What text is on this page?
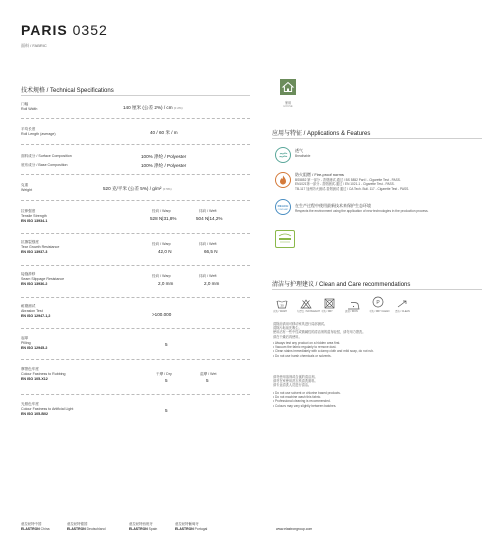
PARIS 0352
面料 / FABRIC
技术规格 / Technical Specifications
门幅
Roll Width	140 厘米 (公差 2%) / cm (± 2%)
平均长度
Roll Length (average)	40 / 60 米 / m
面料成分 / Surface Composition	100% 涤纶 / Polyester
底布成分 / Base Composition	100% 涤纶 / Polyester
克重
Weight	520 克/平米 (公差 5%) / g/m² (± 5%)
拉伸强度
Tensile Strength
EN ISO 13934-1
经向 / Warp
528 N|31,8%
纬向 / Weft
504 N|14,2%
抗撕裂强度
Tear Growth Resistance
EN ISO 13937-3
经向 / Warp
42,0 N
纬向 / Weft
66,5 N
接缝滑移
Seam Slippage Resistance
EN ISO 13936-2
经向 / Warp
2,0 mm
纬向 / Weft
2,0 mm
耐磨测试
Abrasion Test
EN ISO 12947-1,2	>100.000
起球
Pilling
EN ISO 12945-2
5
摩擦色牢度
Colour Fastness to Rubbing
EN ISO 105-X12
干摩 / Dry
5
湿摩 / Wet
5
光照色牢度
Colour Fastness to Artificial Light
EN ISO 105-B02
5
家用
HOUSE
应用与特征 / Applications & Features
透气
Breathable
防火阻燃 / Fire-proof norms
BS5852 第一部分 - 香烟测试-通过 / BS 5852 Part I - Cigarette Test - PASS.
EN1021第一部分 - 香烟测试-通过 / EN 1021-1 - Cigarette Test - PASS.
TB-117 加州防火测试-香烟测试 通过 / CA Tech. Bull. 117 - Cigarette Test - PASS.
REACH
COMPLIANT
在生产过程中使用最新技术来保护生态环境
Respects the environment using the application of new technologies in the production process.
清洁与护理建议 / Clean and Care recommendations
30	P
水洗 / WASH	勿漂白 / NO BLEACH 干洗 / DRY	熨烫 / IRON	干洗 / DRY CLEAN	清洁 / CLEAN
清除前请用可移动家具进行局部测试。
清除污垢前先吸尘。
使用沾有一些中性或微碱性的清洁剂的湿布轻拭，请勿用力擦洗。
请在干燥后再使用。
• Always test any product on a hidden area first.
• Vacuum the fabric regularly to remove dust.
• Clean stains immediately with a damp cloth and mild soap, do not rub.
• Do not use harsh chemicals or solvents.
请勿使用溶剂或含氯的清洁剂。
请勿在家使用洗衣机清洗面料。
请专业清洗人员进行清洁。
• Do not use solvent or chlorine based products.
• Do not machine wash this fabric.
• Professional cleaning is recommended.
• Colours may vary slightly between batches.
意拉丝特中国
ELASTRON China
意拉丝特德国
ELASTRON Deutschland
意拉丝特西班牙
ELASTRON Spain
意拉丝特葡萄牙
ELASTRON Portugal	www.elastrongroup.com
